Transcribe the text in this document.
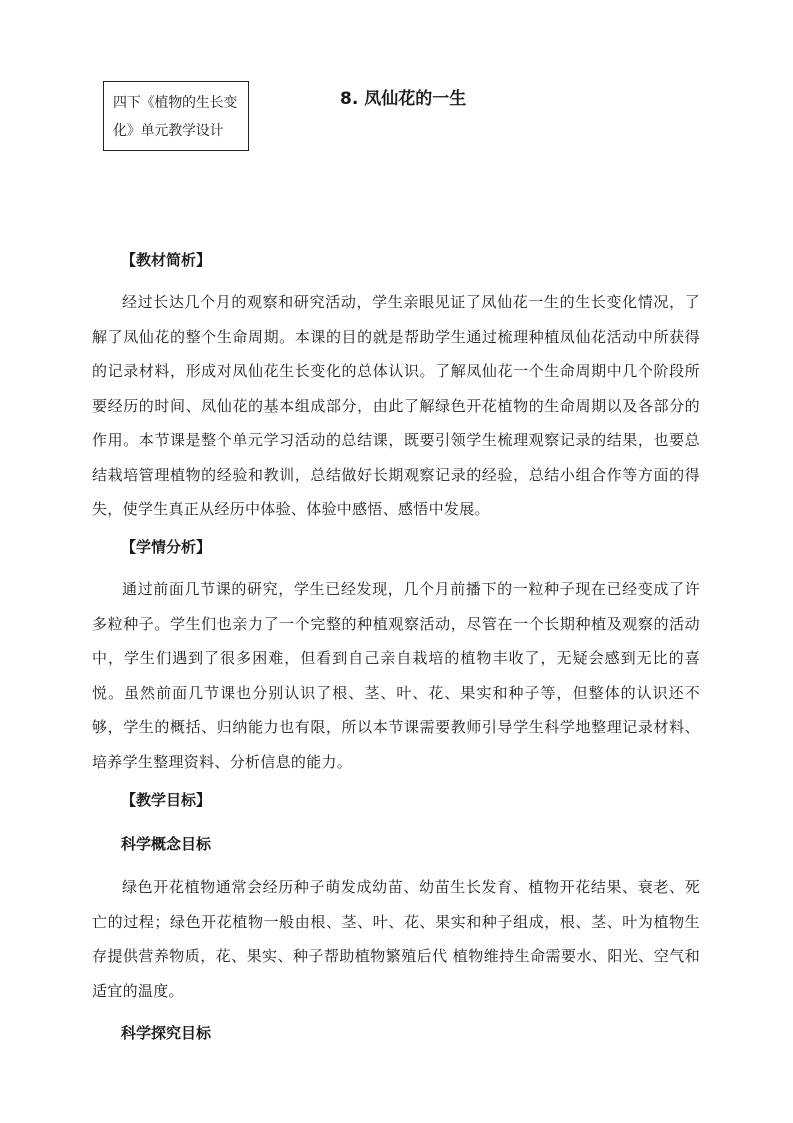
四下《植物的生长变
化》单元教学设计
8. 凤仙花的一生
【教材简析】
经过长达几个月的观察和研究活动，学生亲眼见证了凤仙花一生的生长变化情况，了解了凤仙花的整个生命周期。本课的目的就是帮助学生通过梳理种植凤仙花活动中所获得的记录材料，形成对凤仙花生长变化的总体认识。了解凤仙花一个生命周期中几个阶段所要经历的时间、凤仙花的基本组成部分，由此了解绿色开花植物的生命周期以及各部分的作用。本节课是整个单元学习活动的总结课，既要引领学生梳理观察记录的结果，也要总结栽培管理植物的经验和教训，总结做好长期观察记录的经验，总结小组合作等方面的得失，使学生真正从经历中体验、体验中感悟、感悟中发展。
【学情分析】
通过前面几节课的研究，学生已经发现，几个月前播下的一粒种子现在已经变成了许多粒种子。学生们也亲力了一个完整的种植观察活动，尽管在一个长期种植及观察的活动中，学生们遇到了很多困难，但看到自己亲自栽培的植物丰收了，无疑会感到无比的喜悦。虽然前面几节课也分别认识了根、茎、叶、花、果实和种子等，但整体的认识还不够，学生的概括、归纳能力也有限，所以本节课需要教师引导学生科学地整理记录材料、培养学生整理资料、分析信息的能力。
【教学目标】
科学概念目标
绿色开花植物通常会经历种子萌发成幼苗、幼苗生长发育、植物开花结果、衰老、死亡的过程；绿色开花植物一般由根、茎、叶、花、果实和种子组成，根、茎、叶为植物生存提供营养物质，花、果实、种子帮助植物繁殖后代 植物维持生命需要水、阳光、空气和适宜的温度。
科学探究目标
